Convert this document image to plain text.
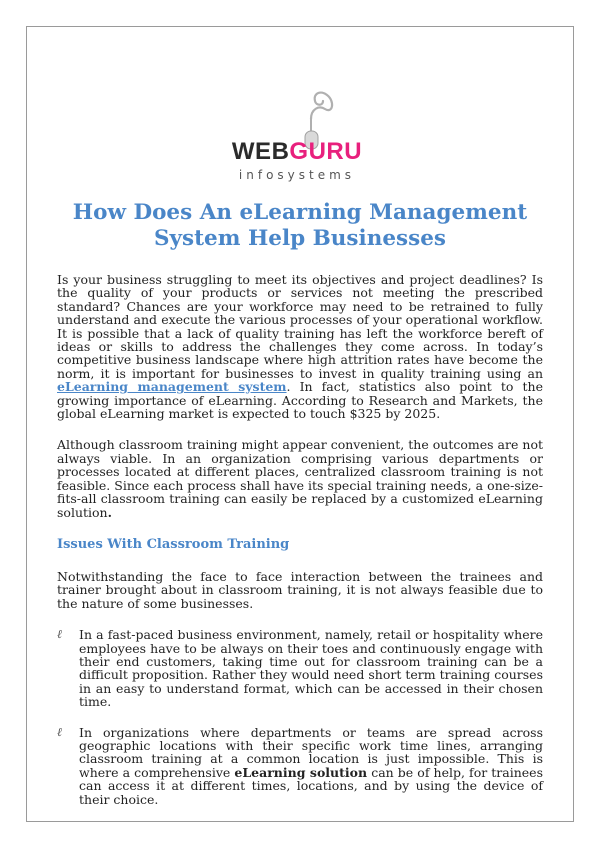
WEBGURU
infosystems
How Does An eLearning Management
System Help Businesses

Is your business struggling to meet its objectives and project deadlines? Is the quality of your products or services not meeting the prescribed standard? Chances are your workforce may need to be retrained to fully understand and execute the various processes of your operational workflow. It is possible that a lack of quality training has left the workforce bereft of ideas or skills to address the challenges they come across. In today’s competitive business landscape where high attrition rates have become the norm, it is important for businesses to invest in quality training using an eLearning management system. In fact, statistics also point to the growing importance of eLearning. According to Research and Markets, the global eLearning market is expected to touch $325 by 2025.

Although classroom training might appear convenient, the outcomes are not always viable. In an organization comprising various departments or processes located at different places, centralized classroom training is not feasible. Since each process shall have its special training needs, a one-size-fits-all classroom training can easily be replaced by a customized eLearning solution.

Issues With Classroom Training

Notwithstanding the face to face interaction between the trainees and trainer brought about in classroom training, it is not always feasible due to the nature of some businesses.

ℓ In a fast-paced business environment, namely, retail or hospitality where employees have to be always on their toes and continuously engage with their end customers, taking time out for classroom training can be a difficult proposition. Rather they would need short term training courses in an easy to understand format, which can be accessed in their chosen time.

ℓ In organizations where departments or teams are spread across geographic locations with their specific work time lines, arranging classroom training at a common location is just impossible. This is where a comprehensive eLearning solution can be of help, for trainees can access it at different times, locations, and by using the device of their choice.
